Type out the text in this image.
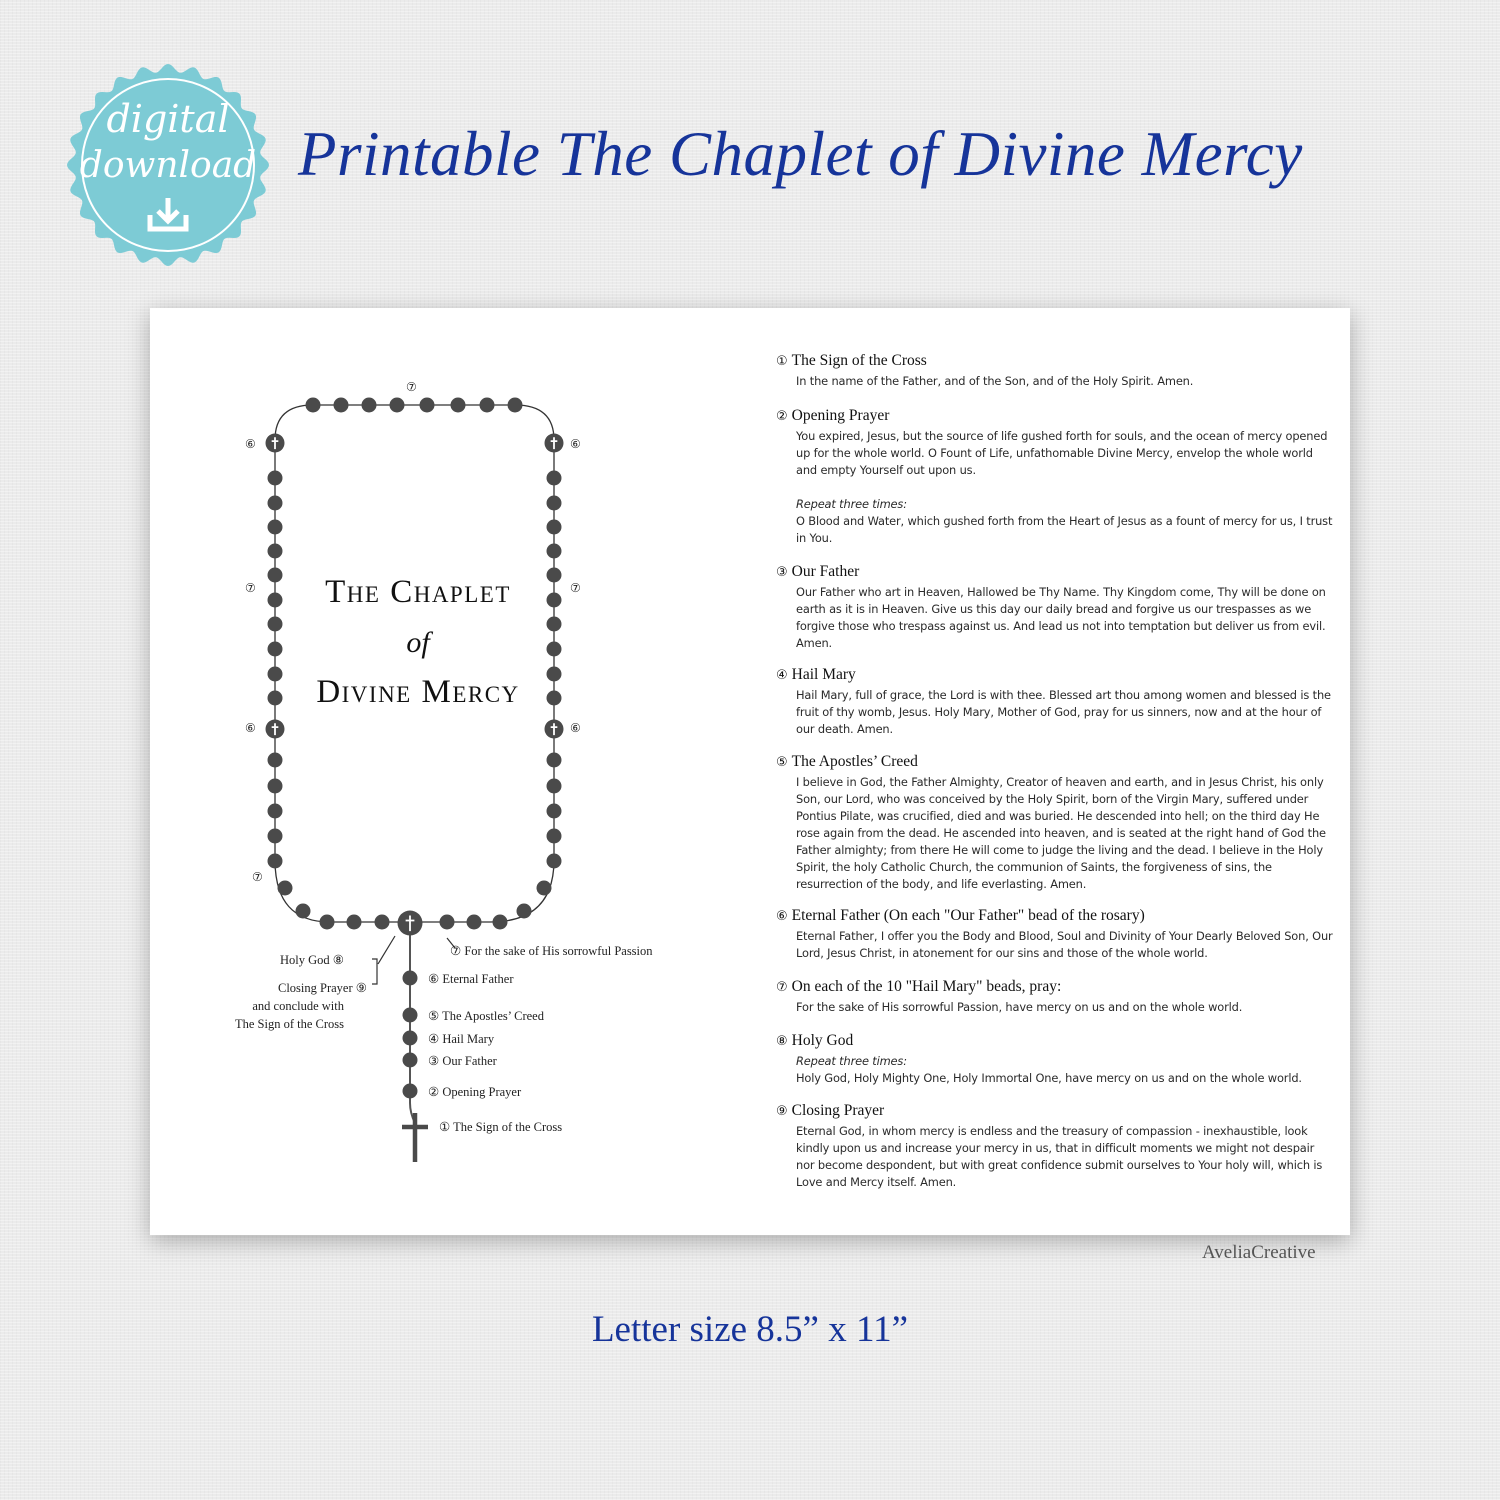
digital
download Printable The Chaplet of Divine Mercy
The Chaplet
of
Divine Mercy
⑦
⑥	⑥
⑦	⑦
⑥	⑥
⑦
⑦ For the sake of His sorrowful Passion
⑥ Eternal Father
⑤ The Apostles’ Creed
④ Hail Mary
③ Our Father
② Opening Prayer
① The Sign of the Cross
Holy God ⑧
Closing Prayer ⑨
and conclude with
The Sign of the Cross
① The Sign of the Cross

In the name of the Father, and of the Son, and of the Holy Spirit. Amen.

② Opening Prayer

You expired, Jesus, but the source of life gushed forth for souls, and the ocean of mercy opened up for the whole world. O Fount of Life, unfathomable Divine Mercy, envelop the whole world and empty Yourself out upon us.

Repeat three times:

O Blood and Water, which gushed forth from the Heart of Jesus as a fount of mercy for us, I trust in You.

③ Our Father

Our Father who art in Heaven, Hallowed be Thy Name. Thy Kingdom come, Thy will be done on earth as it is in Heaven. Give us this day our daily bread and forgive us our trespasses as we forgive those who trespass against us. And lead us not into temptation but deliver us from evil. Amen.

④ Hail Mary

Hail Mary, full of grace, the Lord is with thee. Blessed art thou among women and blessed is the fruit of thy womb, Jesus. Holy Mary, Mother of God, pray for us sinners, now and at the hour of our death. Amen.

⑤ The Apostles’ Creed

I believe in God, the Father Almighty, Creator of heaven and earth, and in Jesus Christ, his only Son, our Lord, who was conceived by the Holy Spirit, born of the Virgin Mary, suffered under Pontius Pilate, was crucified, died and was buried. He descended into hell; on the third day He rose again from the dead. He ascended into heaven, and is seated at the right hand of God the Father almighty; from there He will come to judge the living and the dead. I believe in the Holy Spirit, the holy Catholic Church, the communion of Saints, the forgiveness of sins, the resurrection of the body, and life everlasting. Amen.

⑥ Eternal Father (On each "Our Father" bead of the rosary)

Eternal Father, I offer you the Body and Blood, Soul and Divinity of Your Dearly Beloved Son, Our Lord, Jesus Christ, in atonement for our sins and those of the whole world.

⑦ On each of the 10 "Hail Mary" beads, pray:

For the sake of His sorrowful Passion, have mercy on us and on the whole world.

⑧ Holy God

Repeat three times:

Holy God, Holy Mighty One, Holy Immortal One, have mercy on us and on the whole world.

⑨ Closing Prayer

Eternal God, in whom mercy is endless and the treasury of compassion - inexhaustible, look kindly upon us and increase your mercy in us, that in difficult moments we might not despair nor become despondent, but with great confidence submit ourselves to Your holy will, which is Love and Mercy itself. Amen.

AveliaCreative
Letter size 8.5” x 11”
